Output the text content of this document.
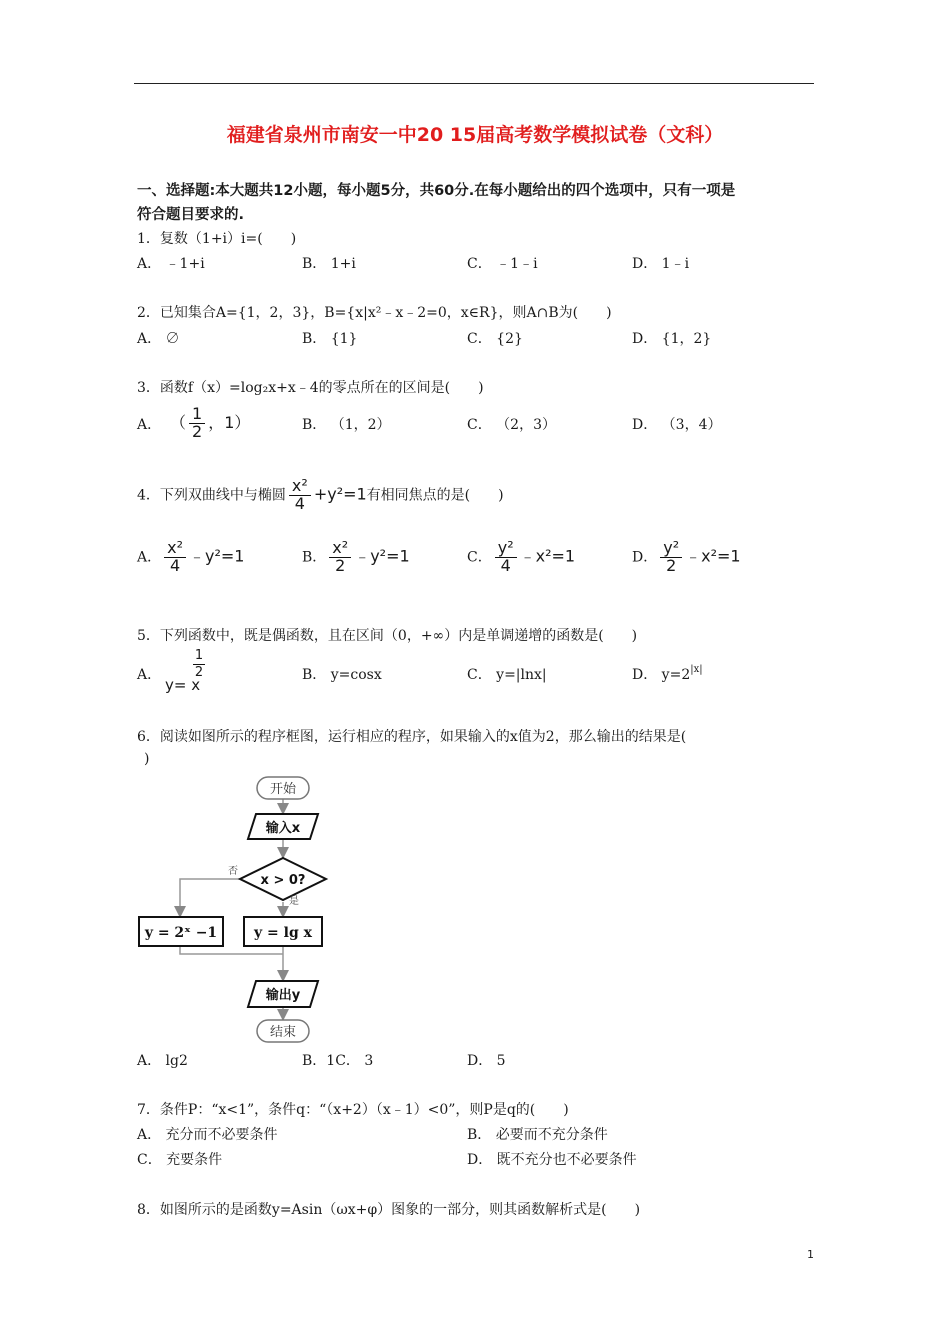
福建省泉州市南安一中20 15届高考数学模拟试卷（文科）
一、选择题:本大题共12小题，每小题5分，共60分.在每小题给出的四个选项中，只有一项是
符合题目要求的.
1．复数（1+i）i=(　　)
A． ﹣1+i	B． 1+i	C． ﹣1﹣i	D． 1﹣i
2．已知集合A={1，2，3}，B={x|x²﹣x﹣2=0，x∈R}，则A∩B为(　　)
A． ∅	B． {1}	C． {2}	D． {1，2}
3．函数f（x）=log₂x+x﹣4的零点所在的区间是(　　)
A． （ $\frac{1}{2}$ ，1）	B． （1，2）	C． （2，3）	D． （3，4）
4．下列双曲线中与椭圆 $\frac{\text{x²}}{4} +y^2=1$有相同焦点的是(　　)
A． $\frac{\text{x²}}{4}$ ﹣y²=1	B． $\frac{\text{x²}}{2}$ ﹣y²=1	C． $\frac{\text{y²}}{4}$ ﹣x²=1	D． $\frac{\text{y²}}{2}$ ﹣x²=1
5．下列函数中，既是偶函数，且在区间（0，+∞）内是单调递增的函数是(　　)
A．
y= x
1
2	B． y=cosx	C． y=|lnx|	D． $y=2^{|x|}$
6．阅读如图所示的程序框图，运行相应的程序，如果输入的x值为2，那么输出的结果是(
)
开始
输入x
x > 0?
否
是
y = 2ˣ −1	y = lg x
输出y
结束
A． lg2	B．1C． 3	D． 5
7．条件P：“x<1”，条件q：“（x+2）（x﹣1）<0”，则P是q的(　　)
A． 充分而不必要条件	B． 必要而不充分条件
C． 充要条件	D． 既不充分也不必要条件
8．如图所示的是函数y=Asin（ωx+φ）图象的一部分，则其函数解析式是(　　)
1
